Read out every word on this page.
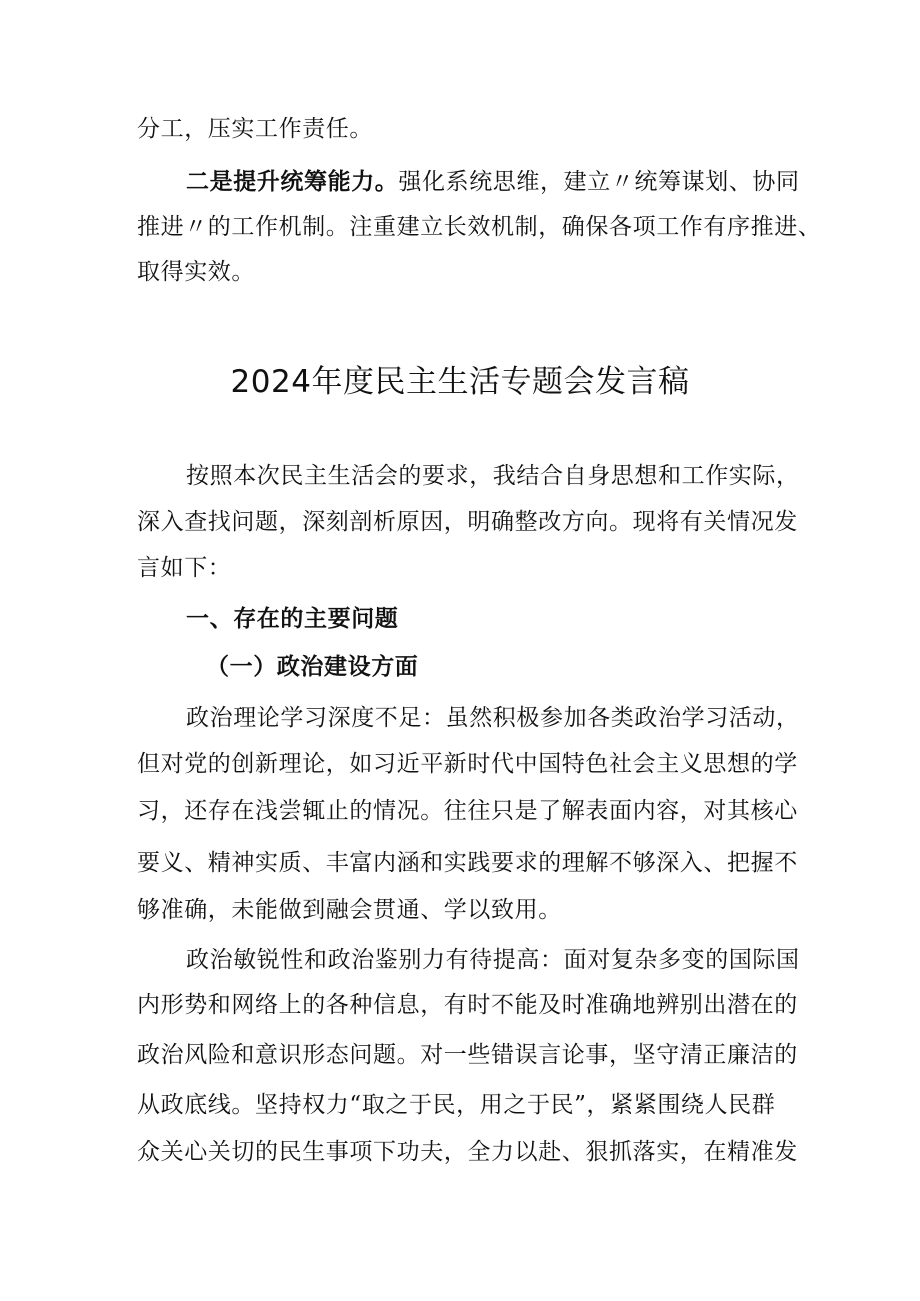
分工，压实工作责任。
二是提升统筹能力。强化系统思维，建立〃统筹谋划、协同
推进〃的工作机制。注重建立长效机制，确保各项工作有序推进、
取得实效。
2024年度民主生活专题会发言稿
按照本次民主生活会的要求，我结合自身思想和工作实际，
深入查找问题，深刻剖析原因，明确整改方向。现将有关情况发
言如下：
一、存在的主要问题
（一）政治建设方面
政治理论学习深度不足：虽然积极参加各类政治学习活动，
但对党的创新理论，如习近平新时代中国特色社会主义思想的学
习，还存在浅尝辄止的情况。往往只是了解表面内容，对其核心
要义、精神实质、丰富内涵和实践要求的理解不够深入、把握不
够准确，未能做到融会贯通、学以致用。
政治敏锐性和政治鉴别力有待提高：面对复杂多变的国际国
内形势和网络上的各种信息，有时不能及时准确地辨别出潜在的
政治风险和意识形态问题。对一些错误言论事，坚守清正廉洁的
从政底线。坚持权力“取之于民，用之于民”，紧紧围绕人民群
众关心关切的民生事项下功夫，全力以赴、狠抓落实，在精准发
